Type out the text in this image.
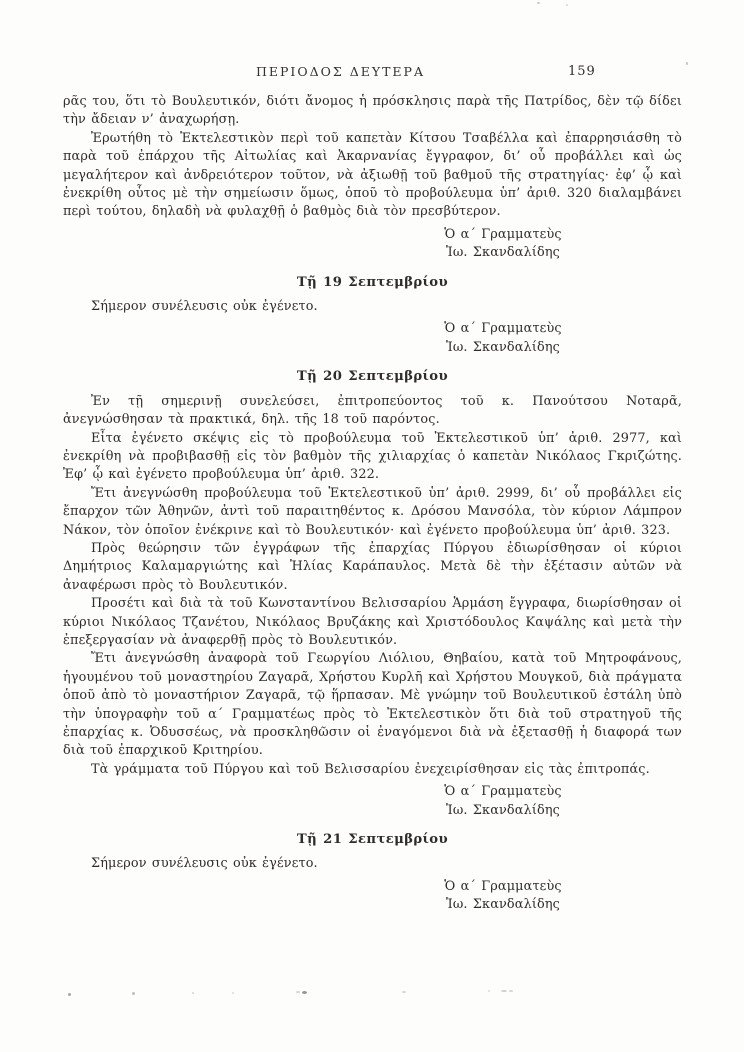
ΠΕΡΙΟΔΟΣ ΔΕΥΤΕΡΑ	159

ρᾶς του, ὅτι τὸ Βουλευτικόν, διότι ἄνομος ἡ πρόσκλησις παρὰ τῆς Πατρίδος, δὲν τῷ δίδει τὴν ἄδειαν ν’ ἀναχωρήσῃ.

Ἐρωτήθη τὸ Ἐκτελεστικὸν περὶ τοῦ καπετὰν Κίτσου Τσαβέλλα καὶ ἐπαρρησιάσθη τὸ παρὰ τοῦ ἐπάρχου τῆς Αἰτωλίας καὶ Ἀκαρνανίας ἔγγραφον, δι’ οὗ προβάλλει καὶ ὡς μεγαλήτερον καὶ ἀνδρειότερον τοῦτον, νὰ ἀξιωθῇ τοῦ βαθμοῦ τῆς στρατηγίας· ἐφ’ ᾧ καὶ ἐνεκρίθη οὗτος μὲ τὴν σημείωσιν ὅμως, ὁποῦ τὸ προβούλευμα ὑπ’ ἀριθ. 320 διαλαμβάνει περὶ τούτου, δηλαδὴ νὰ φυλαχθῇ ὁ βαθμὸς διὰ τὸν πρεσβύτερον.

Ὁ α΄ Γραμματεὺς
Ἰω. Σκανδαλίδης
Τῇ 19 Σεπτεμβρίου

Σήμερον συνέλευσις οὐκ ἐγένετο.

Ὁ α΄ Γραμματεὺς
Ἰω. Σκανδαλίδης
Τῇ 20 Σεπτεμβρίου

Ἐν τῇ σημερινῇ συνελεύσει, ἐπιτροπεύοντος τοῦ κ. Πανούτσου Νοταρᾶ, ἀνεγνώσθησαν τὰ πρακτικά, δηλ. τῆς 18 τοῦ παρόντος.

Εἶτα ἐγένετο σκέψις εἰς τὸ προβούλευμα τοῦ Ἐκτελεστικοῦ ὑπ’ ἀριθ. 2977, καὶ ἐνεκρίθη νὰ προβιβασθῇ εἰς τὸν βαθμὸν τῆς χιλιαρχίας ὁ καπετὰν Νικόλαος Γκριζώτης. Ἐφ’ ᾧ καὶ ἐγένετο προβούλευμα ὑπ’ ἀριθ. 322.

Ἔτι ἀνεγνώσθη προβούλευμα τοῦ Ἐκτελεστικοῦ ὑπ’ ἀριθ. 2999, δι’ οὗ προβάλλει εἰς ἔπαρχον τῶν Ἀθηνῶν, ἀντὶ τοῦ παραιτηθέντος κ. Δρόσου Μανσόλα, τὸν κύριον Λάμπρον Νάκον, τὸν ὁποῖον ἐνέκρινε καὶ τὸ Βουλευτικόν· καὶ ἐγένετο προβούλευμα ὑπ’ ἀριθ. 323.

Πρὸς θεώρησιν τῶν ἐγγράφων τῆς ἐπαρχίας Πύργου ἐδιωρίσθησαν οἱ κύριοι Δημήτριος Καλαμαργιώτης καὶ Ἠλίας Καράπαυλος. Μετὰ δὲ τὴν ἐξέτασιν αὐτῶν νὰ ἀναφέρωσι πρὸς τὸ Βουλευτικόν.

Προσέτι καὶ διὰ τὰ τοῦ Κωνσταντίνου Βελισσαρίου Ἁρμάση ἔγγραφα, διωρίσθησαν οἱ κύριοι Νικόλαος Τζανέτου, Νικόλαος Βρυζάκης καὶ Χριστόδουλος Καψάλης καὶ μετὰ τὴν ἐπεξεργασίαν νὰ ἀναφερθῇ πρὸς τὸ Βουλευτικόν.

Ἔτι ἀνεγνώσθη ἀναφορὰ τοῦ Γεωργίου Λιόλιου, Θηβαίου, κατὰ τοῦ Μητροφάνους, ἡγουμένου τοῦ μοναστηρίου Ζαγαρᾶ, Χρήστου Κυρλῆ καὶ Χρήστου Μουγκοῦ, διὰ πράγματα ὁποῦ ἀπὸ τὸ μοναστήριον Ζαγαρᾶ, τῷ ἥρπασαν. Μὲ γνώμην τοῦ Βουλευτικοῦ ἐστάλη ὑπὸ τὴν ὑπογραφὴν τοῦ α΄ Γραμματέως πρὸς τὸ Ἐκτελεστικὸν ὅτι διὰ τοῦ στρατηγοῦ τῆς ἐπαρχίας κ. Ὀδυσσέως, νὰ προσκληθῶσιν οἱ ἐναγόμενοι διὰ νὰ ἐξετασθῇ ἡ διαφορά των διὰ τοῦ ἐπαρχικοῦ Κριτηρίου.

Τὰ γράμματα τοῦ Πύργου καὶ τοῦ Βελισσαρίου ἐνεχειρίσθησαν εἰς τὰς ἐπιτροπάς.

Ὁ α΄ Γραμματεὺς
Ἰω. Σκανδαλίδης
Τῇ 21 Σεπτεμβρίου

Σήμερον συνέλευσις οὐκ ἐγένετο.

Ὁ α΄ Γραμματεὺς
Ἰω. Σκανδαλίδης
